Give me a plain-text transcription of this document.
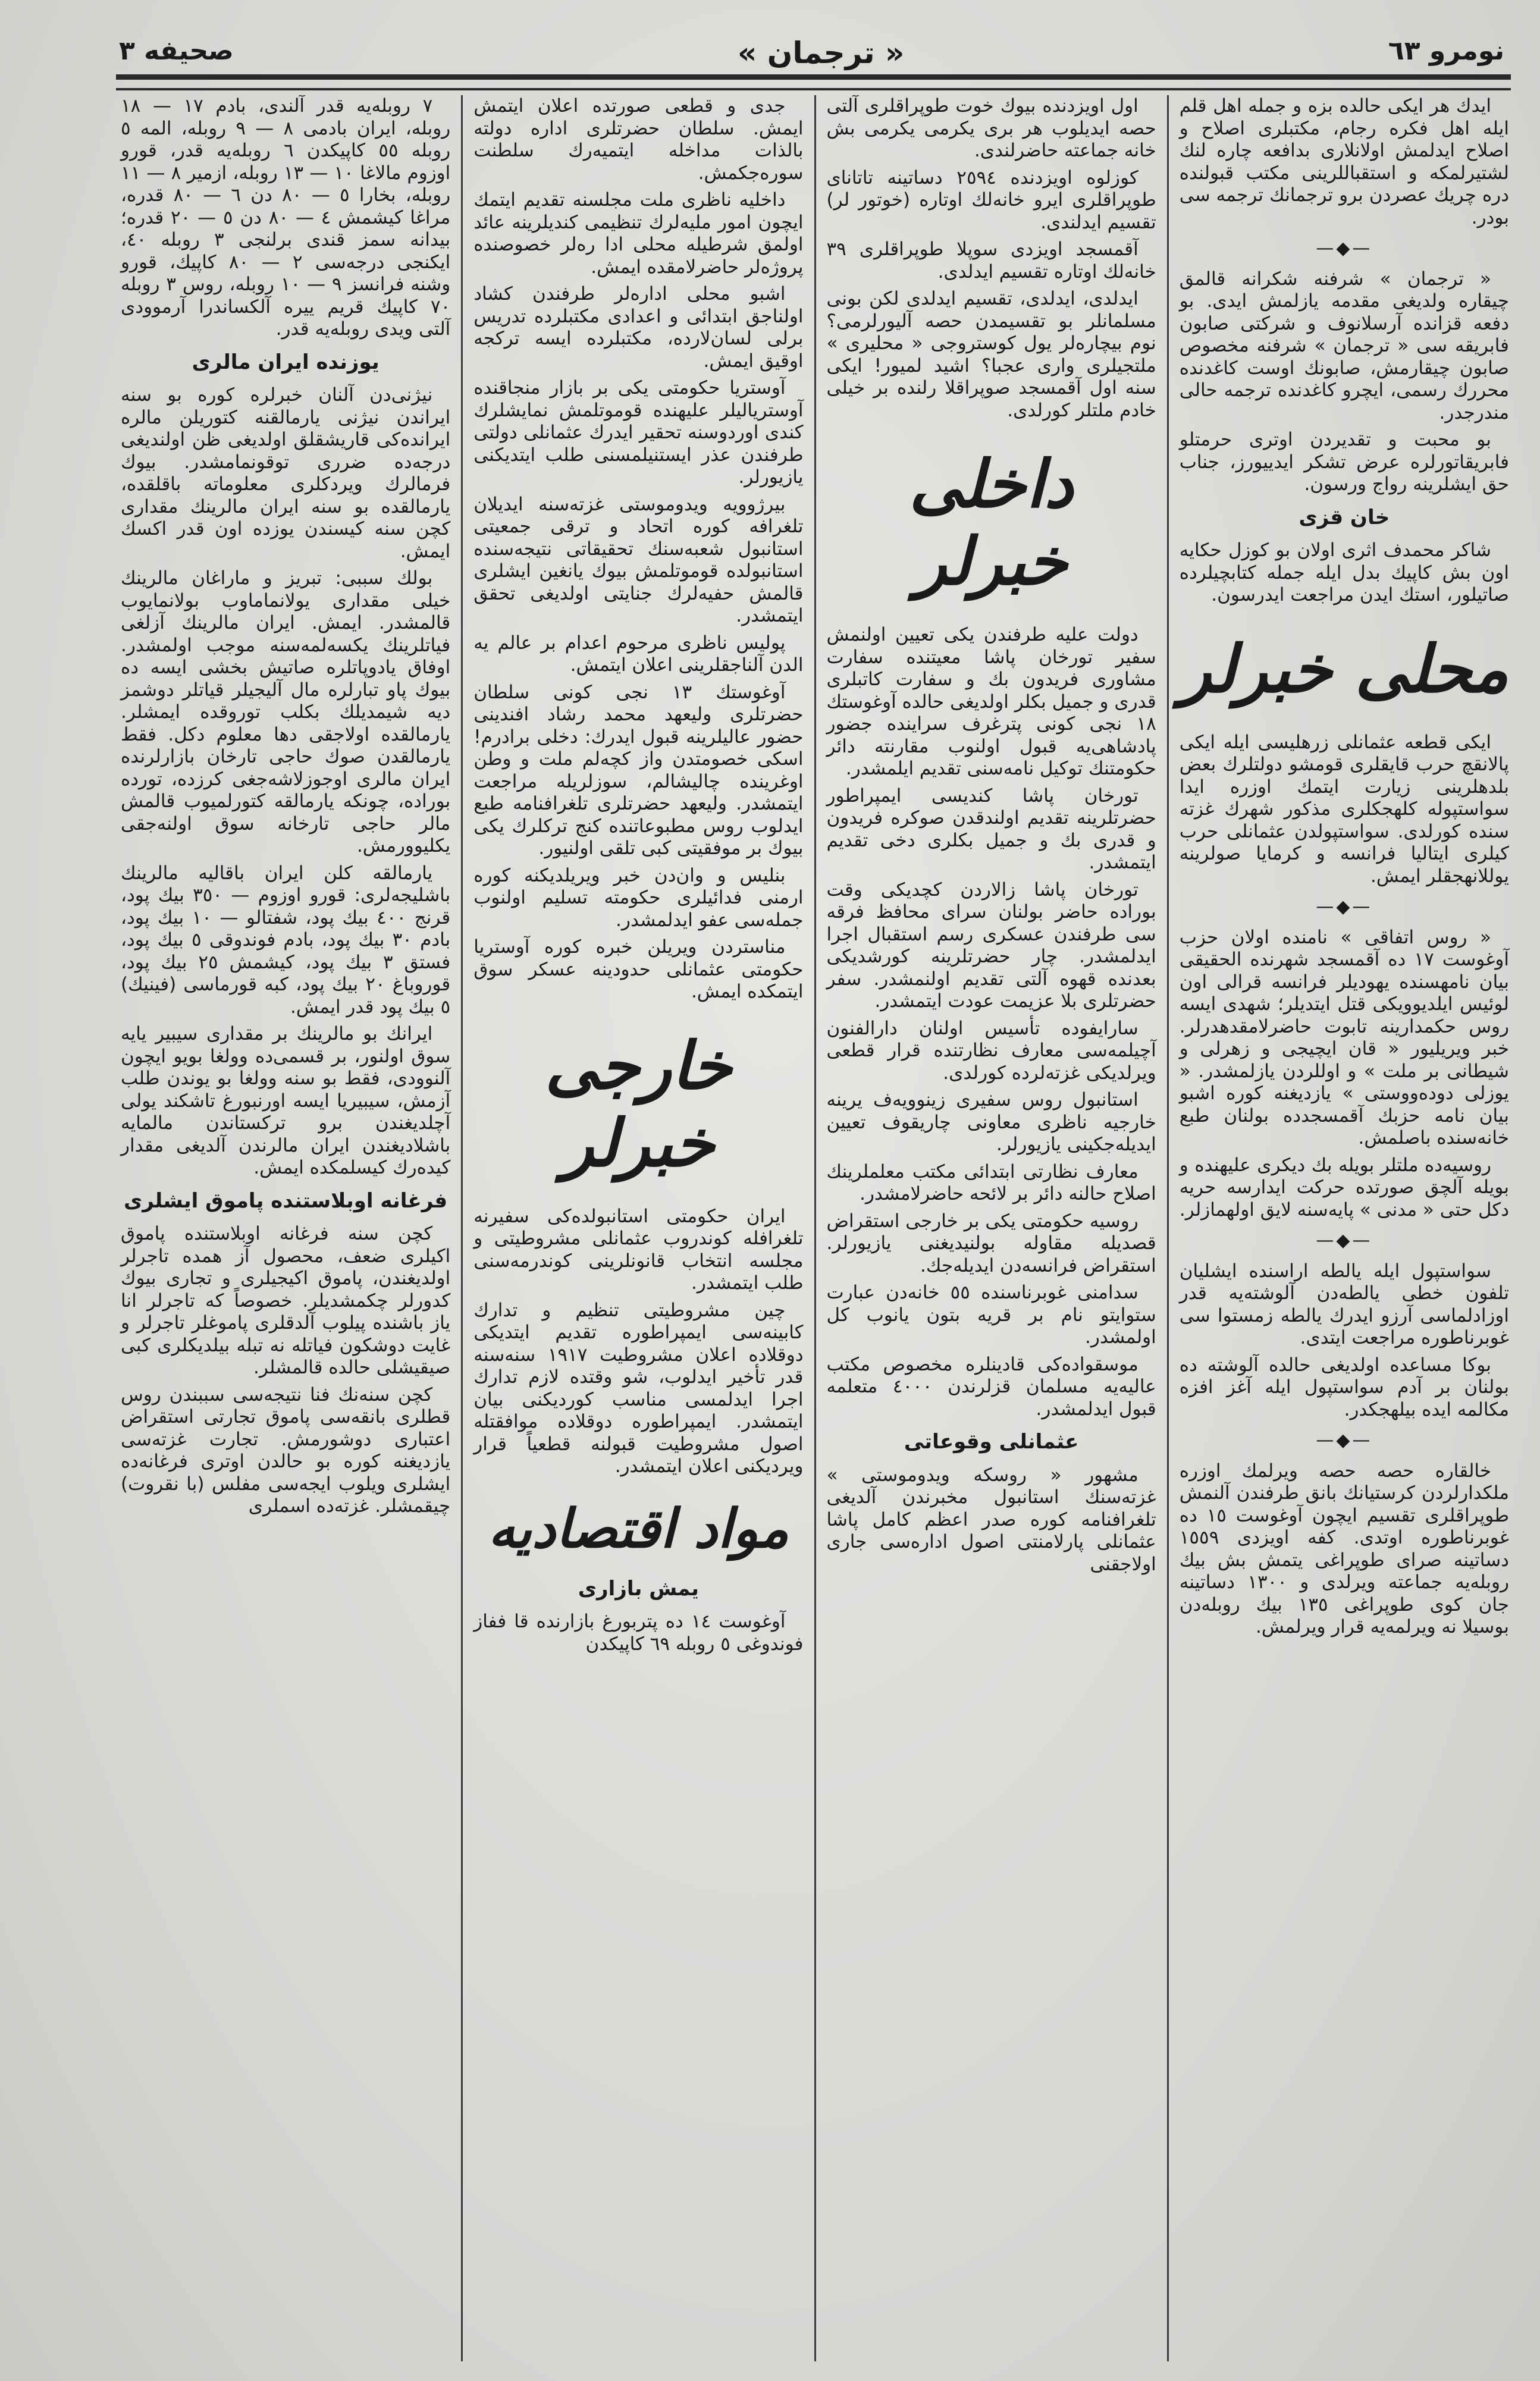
نومرو ٦٣
« ترجمان »
صحیفه ٣

ایدك هر ایكی حالده بزه و جمله اهل قلم ایله اهل فكره رجام، مكتبلری اصلاح و اصلاح ایدلمش اولانلاری بدافعه چاره لنك لشتیرلمكه و استقباللرینی مكتب قبولنده دره چریك عصردن برو ترجمانك ترجمه سی بودر.

—◆—

« ترجمان » شرفنه شكرانه قالمق چیقاره ولدیغی مقدمه یازلمش ایدی. بو دفعه قزانده آرسلانوف و شركتی صابون فابریقه سی « ترجمان » شرفنه مخصوص صابون چیقارمش، صابونك اوست كاغدنده محررك رسمی، ایچرو كاغدنده ترجمه حالی مندرجدر.

بو محبت و تقدیردن اوتری حرمتلو فابریقاتورلره عرض تشكر ایدییورز، جناب حق ایشلرینه رواج ورسون.

خان قزی

شاكر محمدف اثری اولان بو كوزل حكایه اون بش كاپیك بدل ایله جمله كتابچیلرده صاتیلور، استك ایدن مراجعت ایدرسون.

محلی خبرلر

ایكی قطعه عثمانلی زرهلیسی ایله ایكی پالانقچ حرب قایقلری قومشو دولتلرك بعض بلدهلرینی زیارت ایتمك اوزره ایدا سواستپوله كلهجكلری مذكور شهرك غزته سنده كورلدی. سواستپولدن عثمانلی حرب كیلری ایتالیا فرانسه و كرمایا صولرینه یوللانهجقلر ایمش.

—◆—

« روس اتفاقی » نامنده اولان حزب آوغوست ١٧ ده آقمسجد شهرنده الحقیقی بیان نامهسنده یهودیلر فرانسه قرالی اون لوئیس ایلدیوویكی قتل ایتدیلر؛ شهدی ایسه روس حكمدارینه تابوت حاضرلامقدهدرلر. خبر ویریلیور « قان ایچیجی و زهرلی و شیطانی بر ملت » و اوللردن یازلمشدر. « یوزلی دوده‌ووستی » یازدیغنه كوره اشبو بیان نامه حزبك آقمسجدده بولنان طبع خانه‌سنده باصلمش.

روسیه‌ده ملتلر بویله بك دیكری علیهنده و بویله آلچق صورتده حركت ایدارسه حریه دكل حتی « مدنی » پایه‌سنه لایق اولهمازلر.

—◆—

سواستپول ایله یالطه اراسنده ایشلیان تلفون خطی یالطه‌دن آلوشته‌یه قدر اوزادلماسی آرزو ایدرك یالطه زمستوا سی غوبرناطوره مراجعت ایتدی.

بوكا مساعده اولدیغی حالده آلوشته ده بولنان بر آدم سواستپول ایله آغز افزه مكالمه ایده بیلهجكدر.

—◆—

خالقاره حصه حصه ویرلمك اوزره ملكدارلردن كرستیانك بانق طرفندن آلنمش طوپراقلری تقسیم ایچون آوغوست ١٥ ده غوبرناطوره اوتدی. كفه اویزدی ١٥٥٩ دساتینه صرای طوپراغی یتمش بش بیك روبله‌یه جماعته ویرلدی و ١٣٠٠ دساتینه جان كوی طوپراغی ١٣٥ بیك روبله‌دن بوسیلا نه ویرلمه‌یه قرار ویرلمش.

اول اویزدنده بیوك خوت طوپراقلری آلتی حصه ایدیلوب هر بری یكرمی یكرمی بش خانه جماعته حاضرلندی.

كوزلوه اویزدنده ٢٥٩٤ دساتینه تاتانای طوپراقلری ایرو خانه‌لك اوتاره (خوتور لر) تقسیم ایدلندی.

آقمسجد اویزدی سوپلا طوپراقلری ٣٩ خانه‌لك اوتاره تقسیم ایدلدی.

ایدلدی، ایدلدی، تقسیم ایدلدی لكن بونی مسلمانلر بو تقسیمدن حصه آلیورلرمی؟ نوم بیچاره‌لر یول كوستروجی « محلیری » ملتجیلری واری عجبا؟ اشید لمیور! ایكی سنه اول آقمسجد صوپراقلا رلنده بر خیلی خادم ملتلر كورلدی.

داخلی خبرلر

دولت علیه طرفندن یكی تعیین اولنمش سفیر تورخان پاشا معیتنده سفارت مشاوری فریدون بك و سفارت كاتبلری قدری و جمیل بكلر اولدیغی حالده آوغوستك ١٨ نجی كونی پترغرف سراینده جضور پادشاهی‌یه قبول اولنوب مقارنته دائر حكومتنك توكیل نامه‌سنی تقدیم ایلمشدر.

تورخان پاشا كندیسی ایمپراطور حضرتلرینه تقدیم اولندقدن صوكره فریدون و قدری بك و جمیل بكلری دخی تقدیم ایتمشدر.

تورخان پاشا زالاردن كچدیكی وقت بوراده حاضر بولنان سرای محافظ فرقه سی طرفندن عسكری رسم استقبال اجرا ایدلمشدر. چار حضرتلرینه كورشدیكی بعدنده قهوه آلتی تقدیم اولنمشدر. سفر حضرتلری بلا عزیمت عودت ایتمشدر.

سارایفوده تأسیس اولنان دارالفنون آچیلمه‌سی معارف نظارتنده قرار قطعی ویرلدیكی غزته‌لرده كورلدی.

استانبول روس سفیری زینوویه‌ف یرینه خارجیه ناظری معاونی چاریقوف تعیین ایدیله‌جكینی یازیورلر.

معارف نظارتی ابتدائی مكتب معلملرینك اصلاح حالنه دائر بر لائحه حاضرلامشدر.

روسیه حكومتی یكی بر خارجی استقراض قصدیله مقاوله بولنیدیغنی یازیورلر. استقراض فرانسه‌دن ایدیله‌جك.

سدامنی غوبرناسنده ٥٥ خانه‌دن عبارت ستوایتو نام بر قریه بتون یانوب كل اولمشدر.

موسقواده‌كی قادینلره مخصوص مكتب عالیه‌یه مسلمان قزلرندن ٤٠٠٠ متعلمه قبول ایدلمشدر.

عثمانلی وقوعاتی

مشهور « روسكه ویدوموستی » غزته‌سنك استانبول مخبرندن آلدیغی تلغرافنامه كوره صدر اعظم كامل پاشا عثمانلی پارلامنتی اصول اداره‌سی جاری اولاجقنی

جدی و قطعی صورتده اعلان ایتمش ایمش. سلطان حضرتلری اداره دولته بالذات مداخله ایتمیه‌رك سلطنت سوره‌جكمش.

داخلیه ناظری ملت مجلسنه تقدیم ایتمك ایچون امور ملیه‌لرك تنظیمی كندیلرینه عائد اولمق شرطیله محلی ادا ره‌لر خصوصنده پروژه‌لر حاضرلامقده ایمش.

اشبو محلی اداره‌لر طرفندن كشاد اولناجق ابتدائی و اعدادی مكتبلرده تدریس برلی لسان‌لارده، مكتبلرده ایسه تركجه اوقیق ایمش.

آوستریا حكومتی یكی بر بازار منجاقنده آوستریالیلر علیهنده قوموتلمش نمایشلرك كندی اوردوسنه تحقیر ایدرك عثمانلی دولتی طرفندن عذر ایستنیلمسنی طلب ایتدیكنی یازیورلر.

بیرژوویه ویدوموستی غزته‌سنه ایدیلان تلغرافه كوره اتحاد و ترقی جمعیتی استانبول شعبه‌سنك تحقیقاتی نتیجه‌سنده استانبولده قوموتلمش بیوك یانغین ایشلری قالمش حفیه‌لرك جنایتی اولدیغی تحقق ایتمشدر.

پولیس ناظری مرحوم اعدام بر عالم یه الدن آلناجقلرینی اعلان ایتمش.

آوغوستك ١٣ نجی كونی سلطان حضرتلری ولیعهد محمد رشاد افندینی حضور عالیلرینه قبول ایدرك: دخلی برادرم! اسكی خصومتدن واز كچه‌لم ملت و وطن اوغرینده چالیشالم، سوزلریله مراجعت ایتمشدر. ولیعهد حضرتلری تلغرافنامه طبع ایدلوب روس مطبوعاتنده كنج تركلرك یكی بیوك بر موفقیتی كبی تلقی اولنیور.

بنلیس و وان‌دن خبر ویریلدیكنه كوره ارمنی فدائیلری حكومته تسلیم اولنوب جمله‌سی عفو ایدلمشدر.

مناستردن ویریلن خبره كوره آوستریا حكومتی عثمانلی حدودینه عسكر سوق ایتمكده ایمش.

خارجی خبرلر

ایران حكومتی استانبولده‌كی سفیرنه تلغرافله كوندروب عثمانلی مشروطیتی و مجلسه انتخاب قانونلرینی كوندرمه‌سنی طلب ایتمشدر.

چین مشروطیتی تنظیم و تدارك كابینه‌سی ایمپراطوره تقدیم ایتدیكی دوقلاده اعلان مشروطیت ١٩١٧ سنه‌سنه قدر تأخیر ایدلوب، شو وقتده لازم تدارك اجرا ایدلمسی مناسب كوردیكنی بیان ایتمشدر. ایمپراطوره دوقلاده موافقتله اصول مشروطیت قبولنه قطعیاً قرار ویردیكنی اعلان ایتمشدر.

مواد اقتصادیه
یمش بازاری

آوغوست ١٤ ده پتربورغ بازارنده قا ففاز فوندوغی ٥ روبله ٦٩ كاپیكدن

٧ روبله‌یه قدر آلندی، بادم ١٧ — ١٨ روبله، ایران بادمی ٨ — ٩ روبله، المه ٥ روبله ٥٥ كاپیكدن ٦ روبله‌یه قدر، قورو اوزوم مالاغا ١٠ — ١٣ روبله، ازمیر ٨ — ١١ روبله، بخارا ٥ — ٨٠ دن ٦ — ٨٠ قدره، مراغا كیشمش ٤ — ٨٠ دن ٥ — ٢٠ قدره؛ بیدانه سمز قندی برلنجی ٣ روبله ٤٠، ایكنجی درجه‌سی ٢ — ٨٠ كاپیك، قورو وشنه فرانسز ٩ — ١٠ روبله، روس ٣ روبله ٧٠ كاپیك قریم ییره آلكساندرا آرموودی آلتی ویدی روبله‌یه قدر.

یوزنده ایران مالری

نیژنی‌دن آلنان خبرلره كوره بو سنه ایراندن نیژنی یارمالقنه كتوریلن مالره ایرانده‌كی قاریشقلق اولدیغی ظن اولندیغی درجه‌ده ضرری توقونمامشدر. بیوك فرمالرك ویردكلری معلوماته باقلقده، یارمالقده بو سنه ایران مالرینك مقداری كچن سنه كیسندن یوزده اون قدر اكسك ایمش.

بولك سببی: تبریز و ماراغان مالرینك خیلی مقداری یولانماماوب بولانمایوب قالمشدر. ایمش. ایران مالرینك آزلغی فیاتلرینك یكسه‌لمه‌سنه موجب اولمشدر. اوفاق یادوپاتلره صاتیش بخشی ایسه ده بیوك پاو تبارلره مال آلیجیلر قیاتلر دوشمز دیه شیمدیلك بكلب توروقده ایمشلر. یارمالقده اولاجقی دها معلوم دكل. فقط یارمالقدن صوك حاجی تارخان بازارلرنده ایران مالری اوجوزلاشه‌جغی كرزده‌، تورده بوراده، چونكه یارمالقه كتورلمیوب قالمش مالر حاجی تارخانه سوق اولنه‌جقی یكلیوورمش.

یارمالقه كلن ایران باقالیه مالرینك باشلیجه‌لری: قورو اوزوم — ٣٥٠ بیك پود، قرنج ٤٠٠ بیك پود، شفتالو — ١٠ بیك پود، بادم ٣٠ بیك پود، بادم فوندوقی ٥ بیك پود، فستق ٣ بیك پود، كیشمش ٢٥ بیك پود، قوروباغ ٢٠ بیك پود، كبه قورماسی (فینیك) ٥ بیك پود قدر ایمش.

ایرانك بو مالرینك بر مقداری سیبیر یایه سوق اولنور، بر قسمی‌ده وولغا بویو ایچون آلنوودی، فقط بو سنه وولغا بو یوندن طلب آزمش، سیبیریا ایسه اورنبورغ تاشكند یولی آچلدیغندن برو تركستاندن مالمایه باشلادیغندن ایران مالرندن آلدیغی مقدار كیده‌رك كیسلمكده ایمش.

فرغانه اوبلاستنده پاموق ایشلری

كچن سنه فرغانه اوبلاستنده پاموق اكیلری ضعف، محصول آز همده تاجرلر اولدیغندن، پاموق اكیجیلری و تجاری بیوك كدورلر چكمشدیلر. خصوصاً كه تاجرلر انا یاز باشنده پیلوب آلدقلری پاموغلر تاجرلر و غایت دوشكون فیاتله نه تبله بیلدیكلری كبی صیقیشلی حالده قالمشلر.

كچن سنه‌نك فنا نتیجه‌سی سببندن روس قطلری بانقه‌سی پاموق تجارتی استقراض اعتباری دوشورمش. تجارت غزته‌سی یازدیغنه كوره بو حالدن اوتری فرغانه‌ده ایشلری ویلوب ایجه‌سی مفلس (با نقروت) چیقمشلر. غزته‌ده اسملری
